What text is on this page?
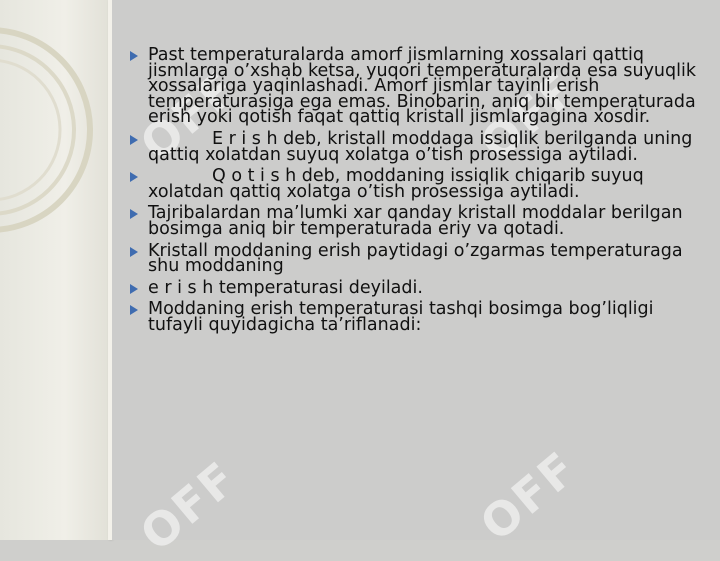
OFF	OFF
OFF	OFF
Past temperaturalarda amorf jismlarning xossalari qattiq jismlarga o’xshab ketsa, yuqori temperaturalarda esa suyuqlik xossalariga yaqinlashadi. Amorf jismlar tayinli erish temperaturasiga ega emas. Binobarin, aniq bir temperaturada erish yoki qotish faqat qattiq kristall jismlargagina xosdir.
E r i s h deb, kristall moddaga issiqlik berilganda uning qattiq xolatdan suyuq xolatga o’tish prosessiga aytiladi.
Q o t i s h deb, moddaning issiqlik chiqarib suyuq xolatdan qattiq xolatga o’tish prosessiga aytiladi.
Tajribalardan ma’lumki xar qanday kristall moddalar berilgan bosimga aniq bir temperaturada eriy va qotadi.
Kristall moddaning erish paytidagi o’zgarmas temperaturaga shu moddaning
e r i s h temperaturasi deyiladi.
Moddaning erish temperaturasi tashqi bosimga bog’liqligi tufayli quyidagicha ta’riflanadi:
